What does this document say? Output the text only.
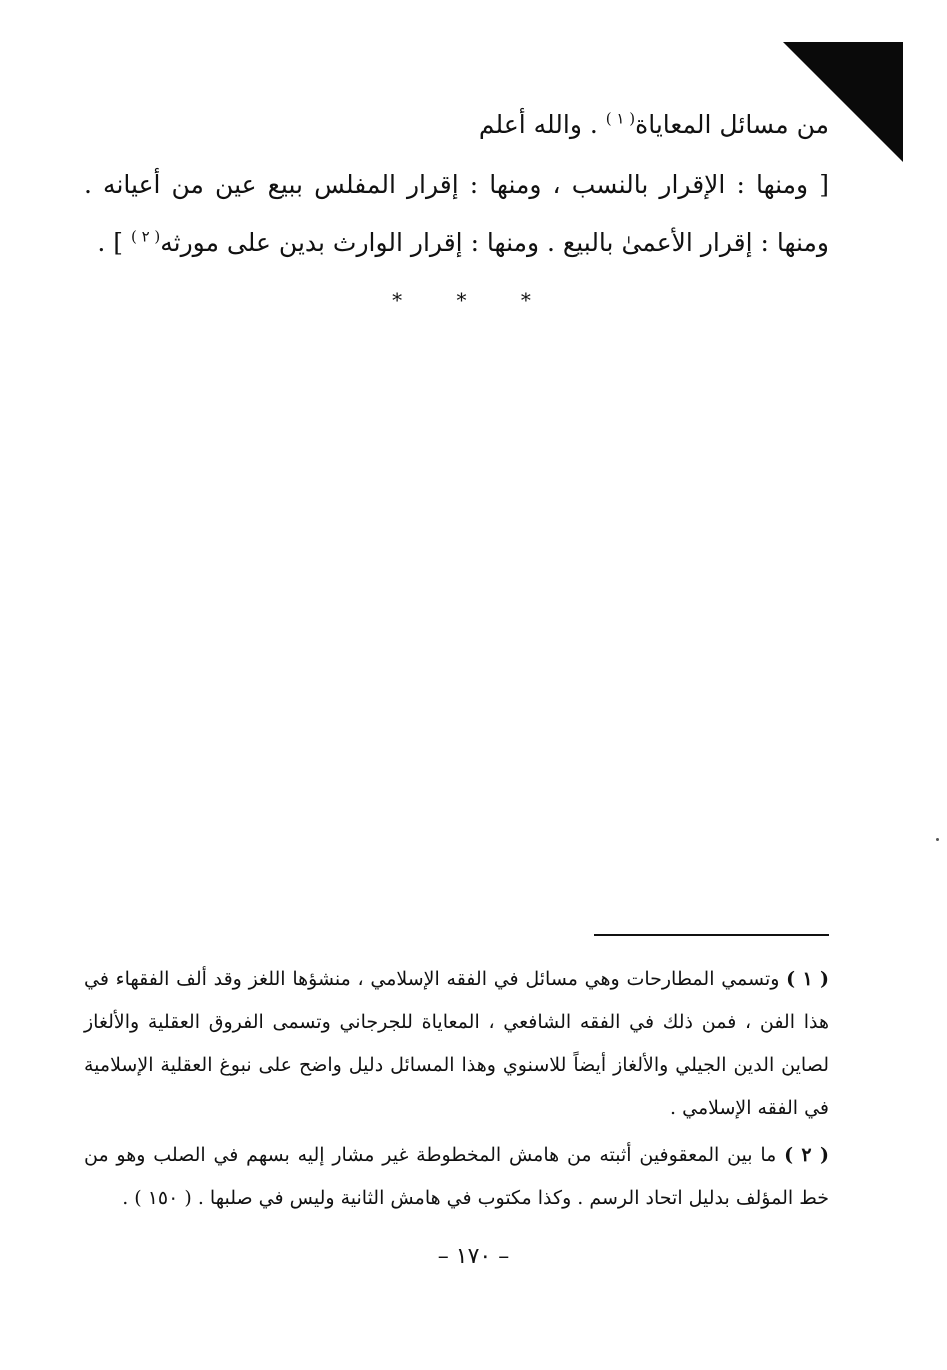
من مسائل المعاياة$^{( ١ )}$ . والله أعلم
[ ومنها : الإقرار بالنسب ، ومنها : إقرار المفلس ببيع عين من أعيانه . ومنها : إقرار الأعمىٰ بالبيع . ومنها : إقرار الوارث بدين على مورثه$^{( ٢ )}$ ] .
* * *

( ١ ) وتسمي المطارحات وهي مسائل في الفقه الإسلامي ، منشؤها اللغز وقد ألف الفقهاء في هذا الفن ، فمن ذلك في الفقه الشافعي ، المعاياة للجرجاني وتسمى الفروق العقلية والألغاز لصاين الدين الجيلي والألغاز أيضاً للاسنوي وهذا المسائل دليل واضح على نبوغ العقلية الإسلامية في الفقه الإسلامي .

( ٢ ) ما بين المعقوفين أثبته من هامش المخطوطة غير مشار إليه بسهم في الصلب وهو من خط المؤلف بدليل اتحاد الرسم . وكذا مكتوب في هامش الثانية وليس في صلبها . ( ١٥٠ ) .

– ١٧٠ –
